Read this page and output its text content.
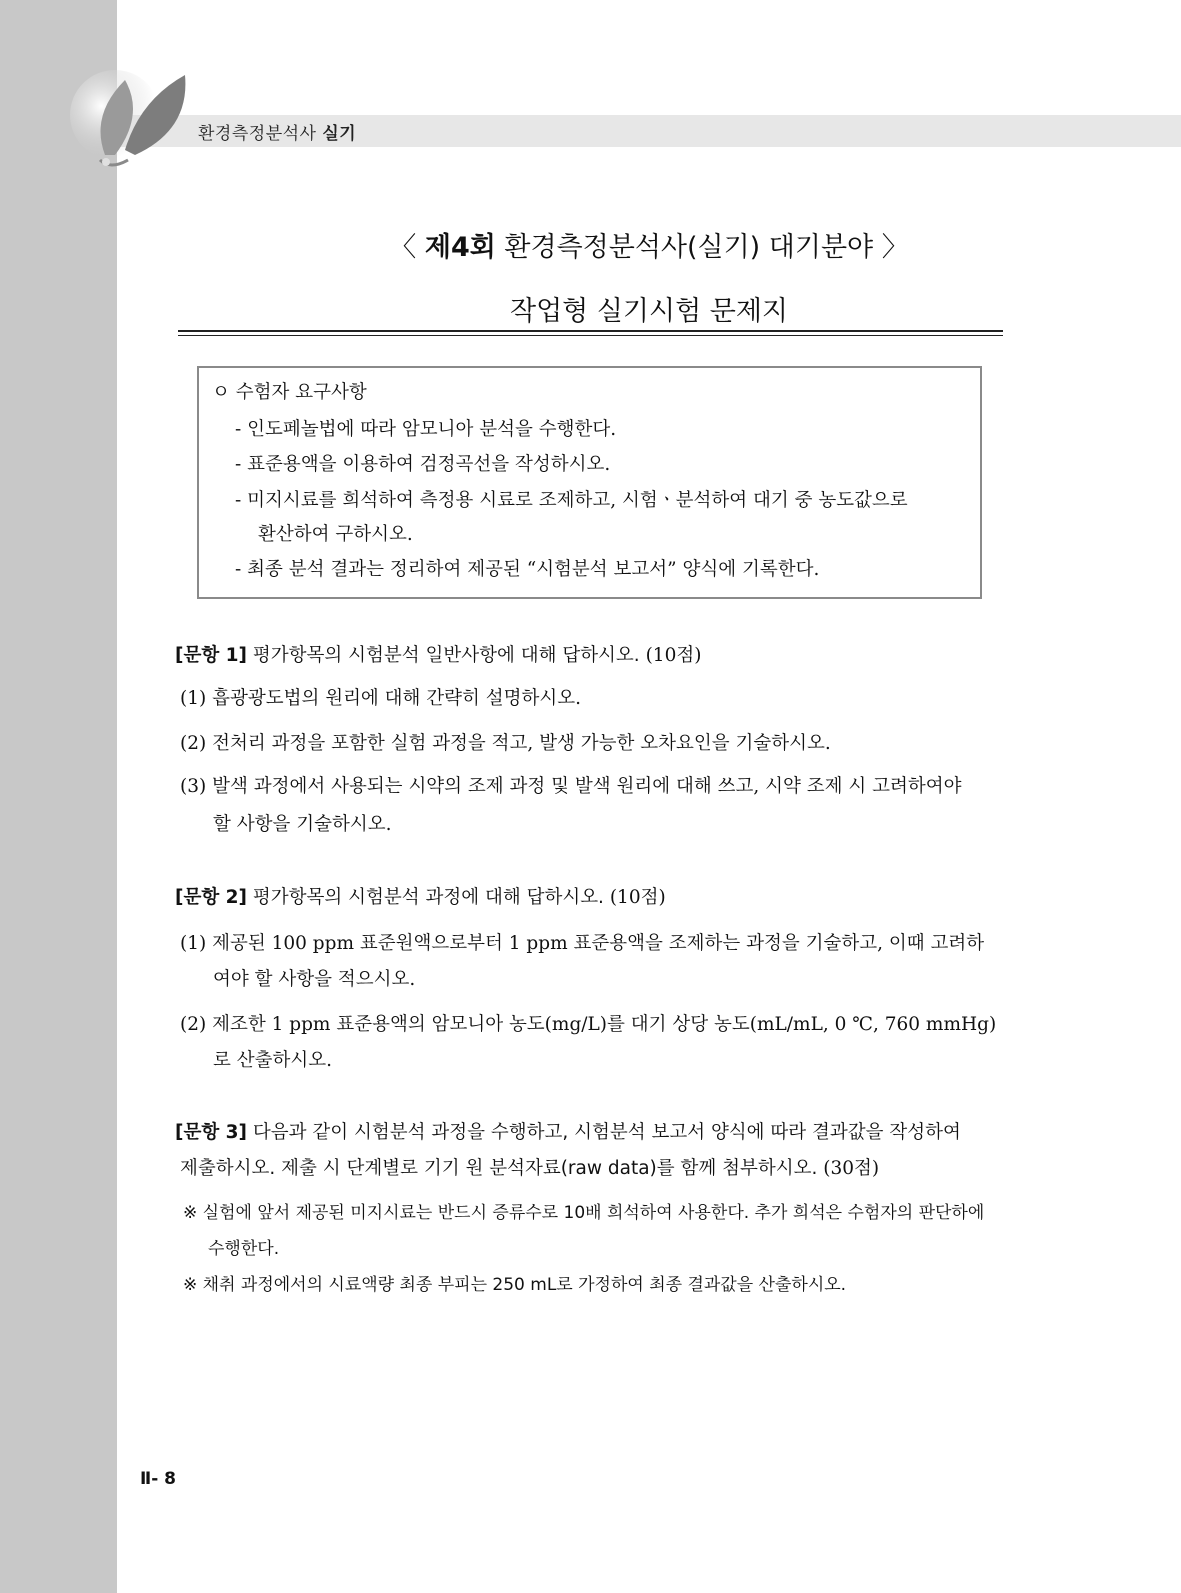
환경측정분석사 실기
〈 제4회 환경측정분석사(실기) 대기분야 〉
작업형 실기시험 문제지
ㅇ 수험자 요구사항
- 인도페놀법에 따라 암모니아 분석을 수행한다.
- 표준용액을 이용하여 검정곡선을 작성하시오.
- 미지시료를 희석하여 측정용 시료로 조제하고, 시험ㆍ분석하여 대기 중 농도값으로
환산하여 구하시오.
- 최종 분석 결과는 정리하여 제공된 “시험분석 보고서” 양식에 기록한다.
[문항 1] 평가항목의 시험분석 일반사항에 대해 답하시오. (10점)
(1) 흡광광도법의 원리에 대해 간략히 설명하시오.
(2) 전처리 과정을 포함한 실험 과정을 적고, 발생 가능한 오차요인을 기술하시오.
(3) 발색 과정에서 사용되는 시약의 조제 과정 및 발색 원리에 대해 쓰고, 시약 조제 시 고려하여야
할 사항을 기술하시오.
[문항 2] 평가항목의 시험분석 과정에 대해 답하시오. (10점)
(1) 제공된 100 ppm 표준원액으로부터 1 ppm 표준용액을 조제하는 과정을 기술하고, 이때 고려하
여야 할 사항을 적으시오.
(2) 제조한 1 ppm 표준용액의 암모니아 농도(mg/L)를 대기 상당 농도(mL/mL, 0 ℃, 760 mmHg)
로 산출하시오.
[문항 3] 다음과 같이 시험분석 과정을 수행하고, 시험분석 보고서 양식에 따라 결과값을 작성하여
제출하시오. 제출 시 단계별로 기기 원 분석자료(raw data)를 함께 첨부하시오. (30점)
※ 실험에 앞서 제공된 미지시료는 반드시 증류수로 10배 희석하여 사용한다. 추가 희석은 수험자의 판단하에
수행한다.
※ 채취 과정에서의 시료액량 최종 부피는 250 mL로 가정하여 최종 결과값을 산출하시오.
Ⅱ- 8
